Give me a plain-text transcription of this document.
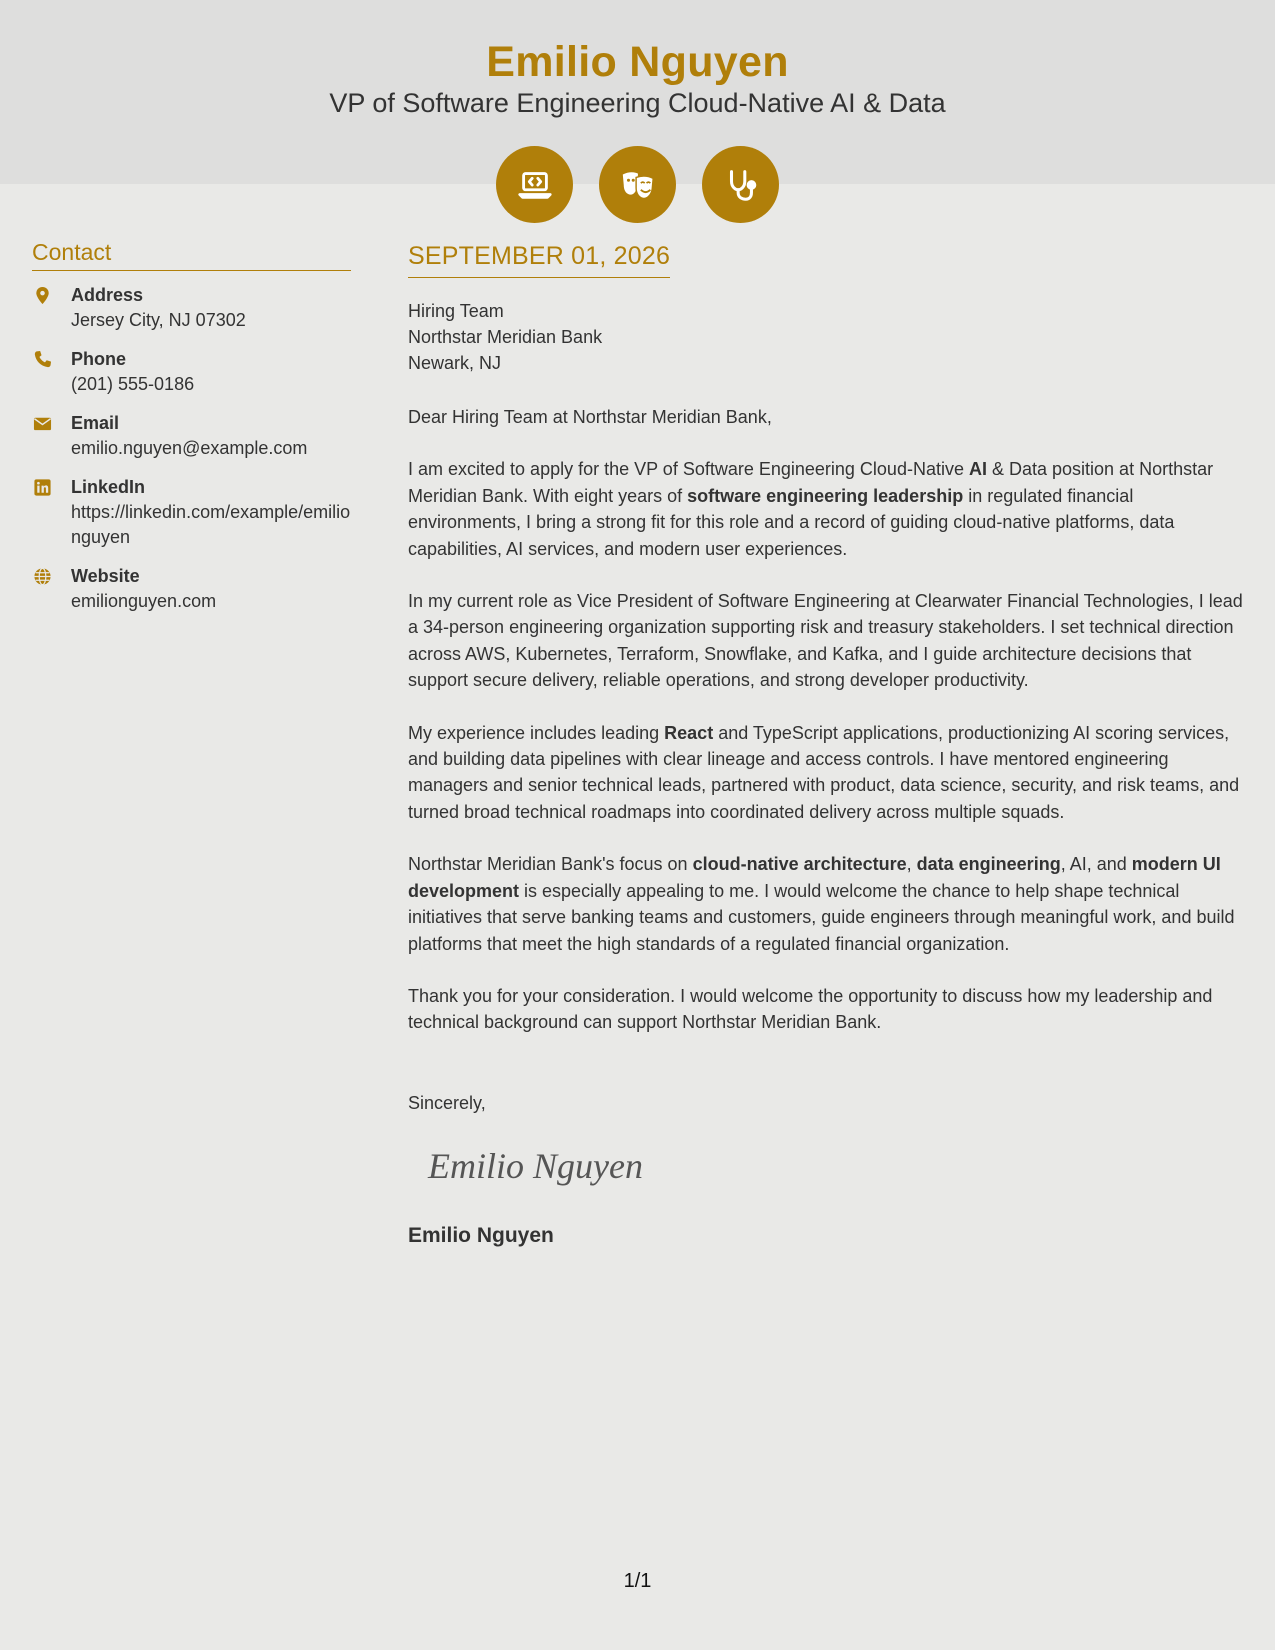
Emilio Nguyen
VP of Software Engineering Cloud-Native AI & Data
Contact
Address
Jersey City, NJ 07302
Phone
(201) 555-0186
Email
emilio.nguyen@example.com
LinkedIn
https://linkedin.com/example/emilionguyen
Website
emilionguyen.com
SEPTEMBER 01, 2026
Hiring Team
Northstar Meridian Bank
Newark, NJ
Dear Hiring Team at Northstar Meridian Bank,
I am excited to apply for the VP of Software Engineering Cloud-Native AI & Data position at Northstar Meridian Bank. With eight years of software engineering leadership in regulated financial environments, I bring a strong fit for this role and a record of guiding cloud-native platforms, data capabilities, AI services, and modern user experiences.
In my current role as Vice President of Software Engineering at Clearwater Financial Technologies, I lead a 34-person engineering organization supporting risk and treasury stakeholders. I set technical direction across AWS, Kubernetes, Terraform, Snowflake, and Kafka, and I guide architecture decisions that support secure delivery, reliable operations, and strong developer productivity.
My experience includes leading React and TypeScript applications, productionizing AI scoring services, and building data pipelines with clear lineage and access controls. I have mentored engineering managers and senior technical leads, partnered with product, data science, security, and risk teams, and turned broad technical roadmaps into coordinated delivery across multiple squads.
Northstar Meridian Bank's focus on cloud-native architecture, data engineering, AI, and modern UI development is especially appealing to me. I would welcome the chance to help shape technical initiatives that serve banking teams and customers, guide engineers through meaningful work, and build platforms that meet the high standards of a regulated financial organization.
Thank you for your consideration. I would welcome the opportunity to discuss how my leadership and technical background can support Northstar Meridian Bank.
Sincerely,
Emilio Nguyen
Emilio Nguyen
1/1
